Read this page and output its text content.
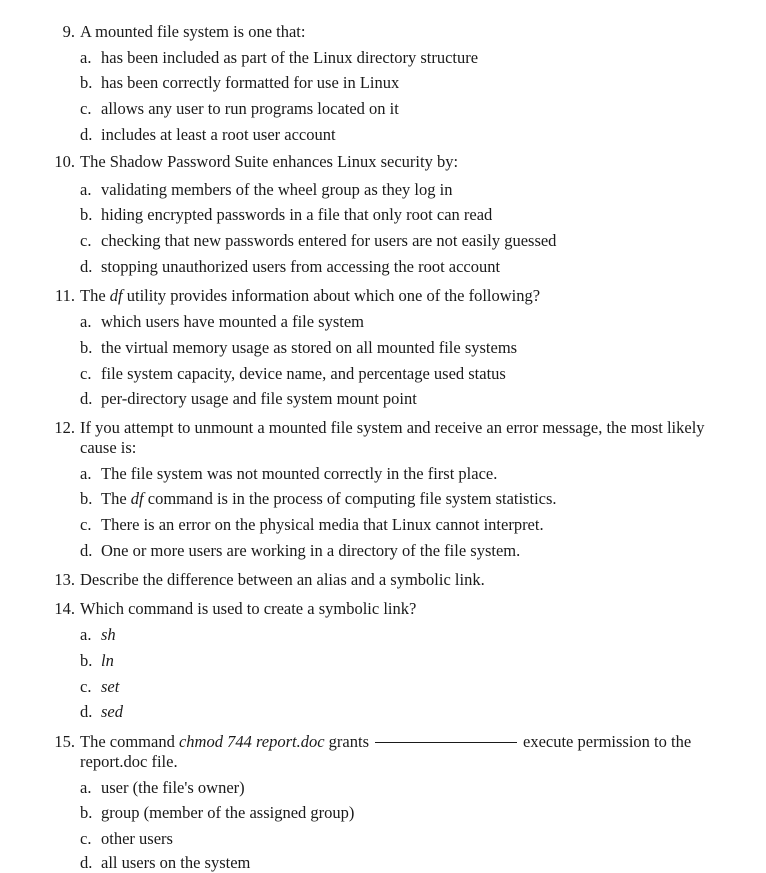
9. A mounted file system is one that:
a. has been included as part of the Linux directory structure
b. has been correctly formatted for use in Linux
c. allows any user to run programs located on it
d. includes at least a root user account
10. The Shadow Password Suite enhances Linux security by:
a. validating members of the wheel group as they log in
b. hiding encrypted passwords in a file that only root can read
c. checking that new passwords entered for users are not easily guessed
d. stopping unauthorized users from accessing the root account
11. The df utility provides information about which one of the following?
a. which users have mounted a file system
b. the virtual memory usage as stored on all mounted file systems
c. file system capacity, device name, and percentage used status
d. per-directory usage and file system mount point
12. If you attempt to unmount a mounted file system and receive an error message, the most likely cause is:
a. The file system was not mounted correctly in the first place.
b. The df command is in the process of computing file system statistics.
c. There is an error on the physical media that Linux cannot interpret.
d. One or more users are working in a directory of the file system.
13. Describe the difference between an alias and a symbolic link.
14. Which command is used to create a symbolic link?
a. sh
b. ln
c. set
d. sed
15. The command chmod 744 report.doc grants	execute permission to the report.doc file.
a. user (the file's owner)
b. group (member of the assigned group)
c. other users
d. all users on the system
